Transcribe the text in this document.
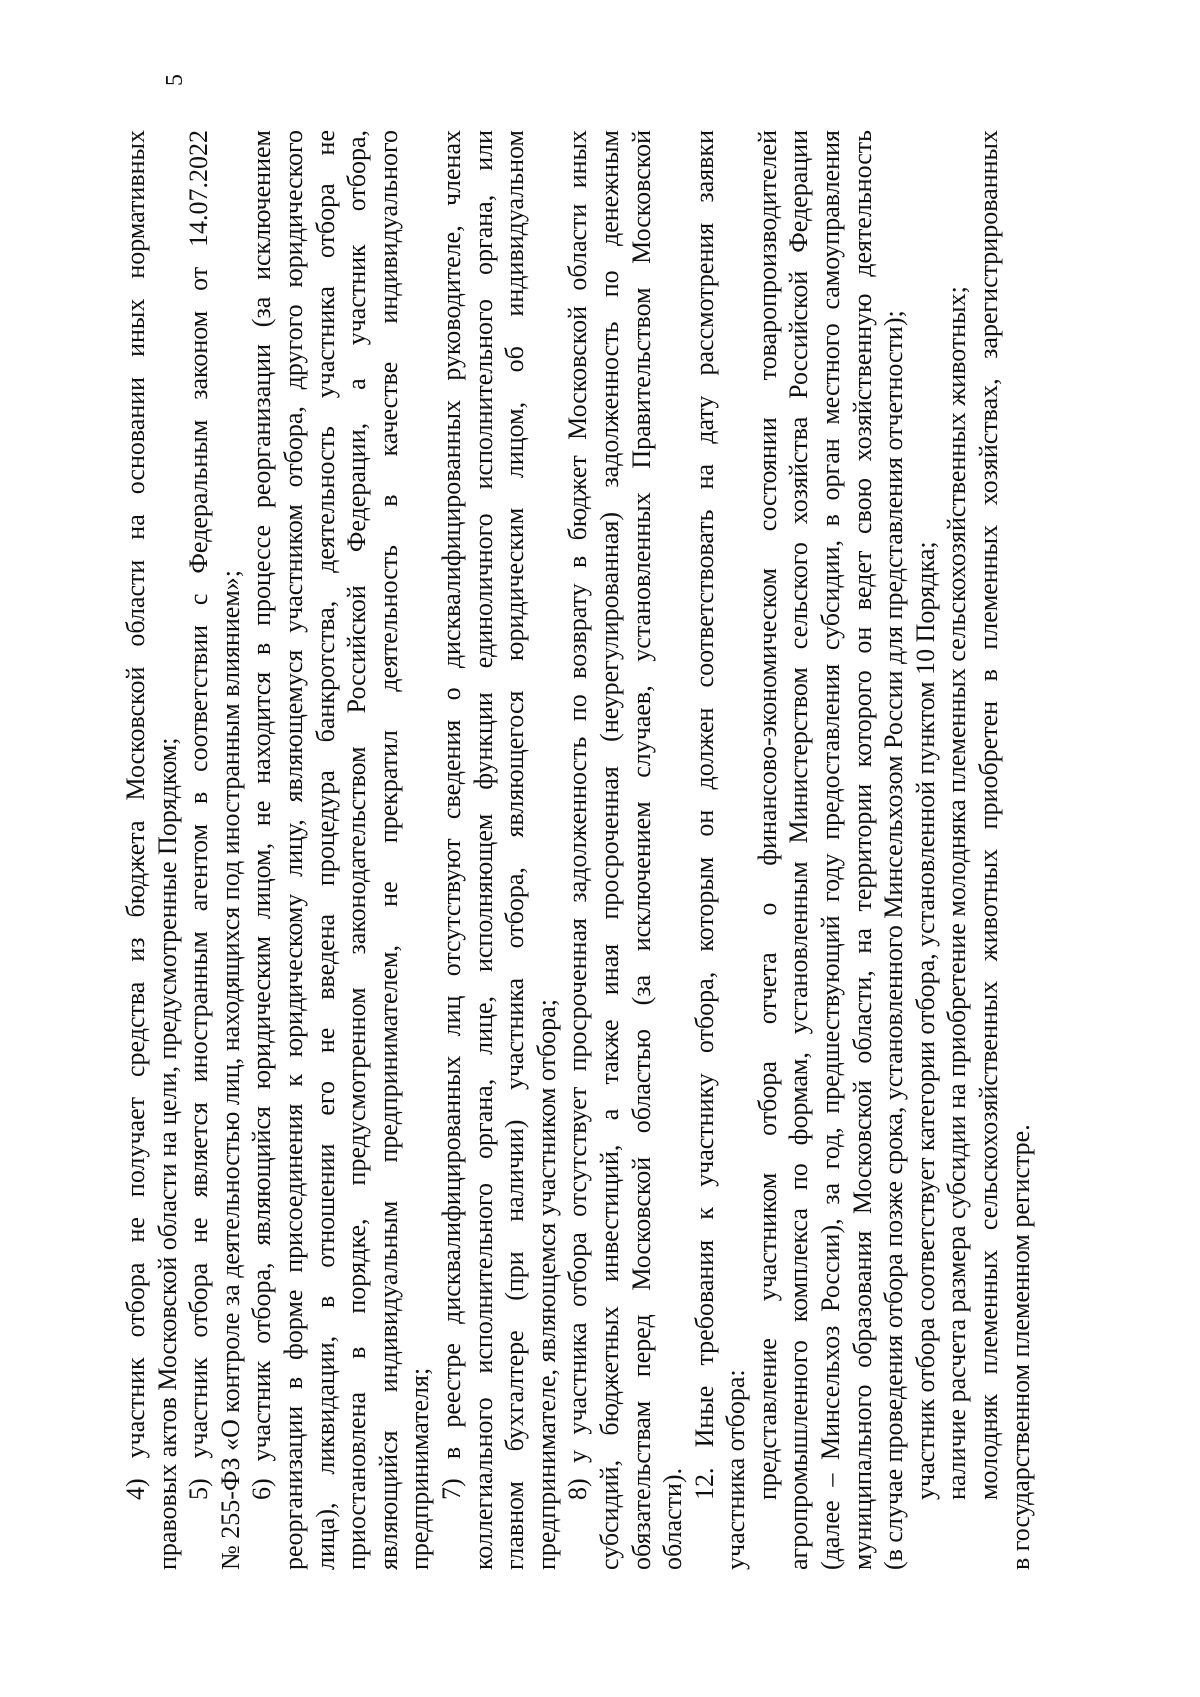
5
4) участник отбора не получает средства из бюджета Московской области на основании иных нормативных правовых актов Московской области на цели, предусмотренные Порядком; 5) участник отбора не является иностранным агентом в соответствии с Федеральным законом от 14.07.2022 № 255-ФЗ «О контроле за деятельностью лиц, находящихся под иностранным влиянием»; 6) участник отбора, являющийся юридическим лицом, не находится в процессе реорганизации (за исключением реорганизации в форме присоединения к юридическому лицу, являющемуся участником отбора, другого юридического лица), ликвидации, в отношении его не введена процедура банкротства, деятельность участника отбора не приостановлена в порядке, предусмотренном законодательством Российской Федерации, а участник отбора, являющийся индивидуальным предпринимателем, не прекратил деятельность в качестве индивидуального предпринимателя; 7) в реестре дисквалифицированных лиц отсутствуют сведения о дисквалифицированных руководителе, членах коллегиального исполнительного органа, лице, исполняющем функции единоличного исполнительного органа, или главном бухгалтере (при наличии) участника отбора, являющегося юридическим лицом, об индивидуальном предпринимателе, являющемся участником отбора; 8) у участника отбора отсутствует просроченная задолженность по возврату в бюджет Московской области иных субсидий, бюджетных инвестиций, а также иная просроченная (неурегулированная) задолженность по денежным обязательствам перед Московской областью (за исключением случаев, установленных Правительством Московской области).
12. Иные требования к участнику отбора, которым он должен соответствовать на дату рассмотрения заявки участника отбора: представление участником отбора отчета о финансово-экономическом состоянии товаропроизводителей агропромышленного комплекса по формам, установленным Министерством сельского хозяйства Российской Федерации (далее – Минсельхоз России), за год, предшествующий году предоставления субсидии, в орган местного самоуправления муниципального образования Московской области, на территории которого он ведет свою хозяйственную деятельность (в случае проведения отбора позже срока, установленного Минсельхозом России для представления отчетности); участник отбора соответствует категории отбора, установленной пунктом 10 Порядка; наличие расчета размера субсидии на приобретение молодняка племенных сельскохозяйственных животных; молодняк племенных сельскохозяйственных животных приобретен в племенных хозяйствах, зарегистрированных в государственном племенном регистре.
